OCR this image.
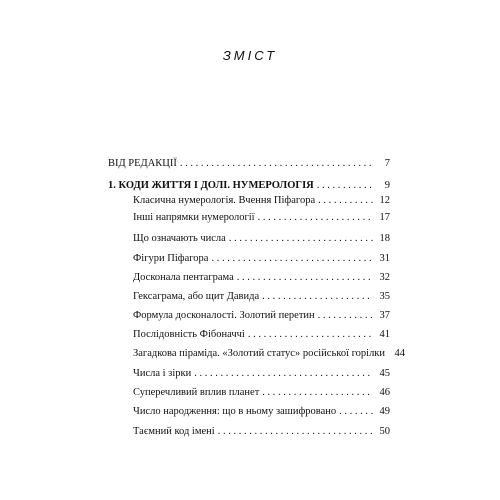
ЗМІСТ
ВІД РЕДАКЦІЇ . . .	7
1. КОДИ ЖИТТЯ І ДОЛІ. НУМЕРОЛОГІЯ . . .	9
Класична нумерологія. Вчення Піфагора . . .	12
Інші напрямки нумерології . . .	17
Що означають числа . . .	18
Фігури Піфагора . . .	31
Досконала пентаграма . . .	32
Гексаграма, або щит Давида . . .	35
Формула досконалості. Золотий перетин . . .	37
Послідовність Фібоначчі . . .	41
Загадкова піраміда. «Золотий статус» російської горілки 44
Числа і зірки . . .	45
Суперечливий вплив планет . . .	46
Число народження: що в ньому зашифровано . . .	49
Таємний код імені . . .	50
